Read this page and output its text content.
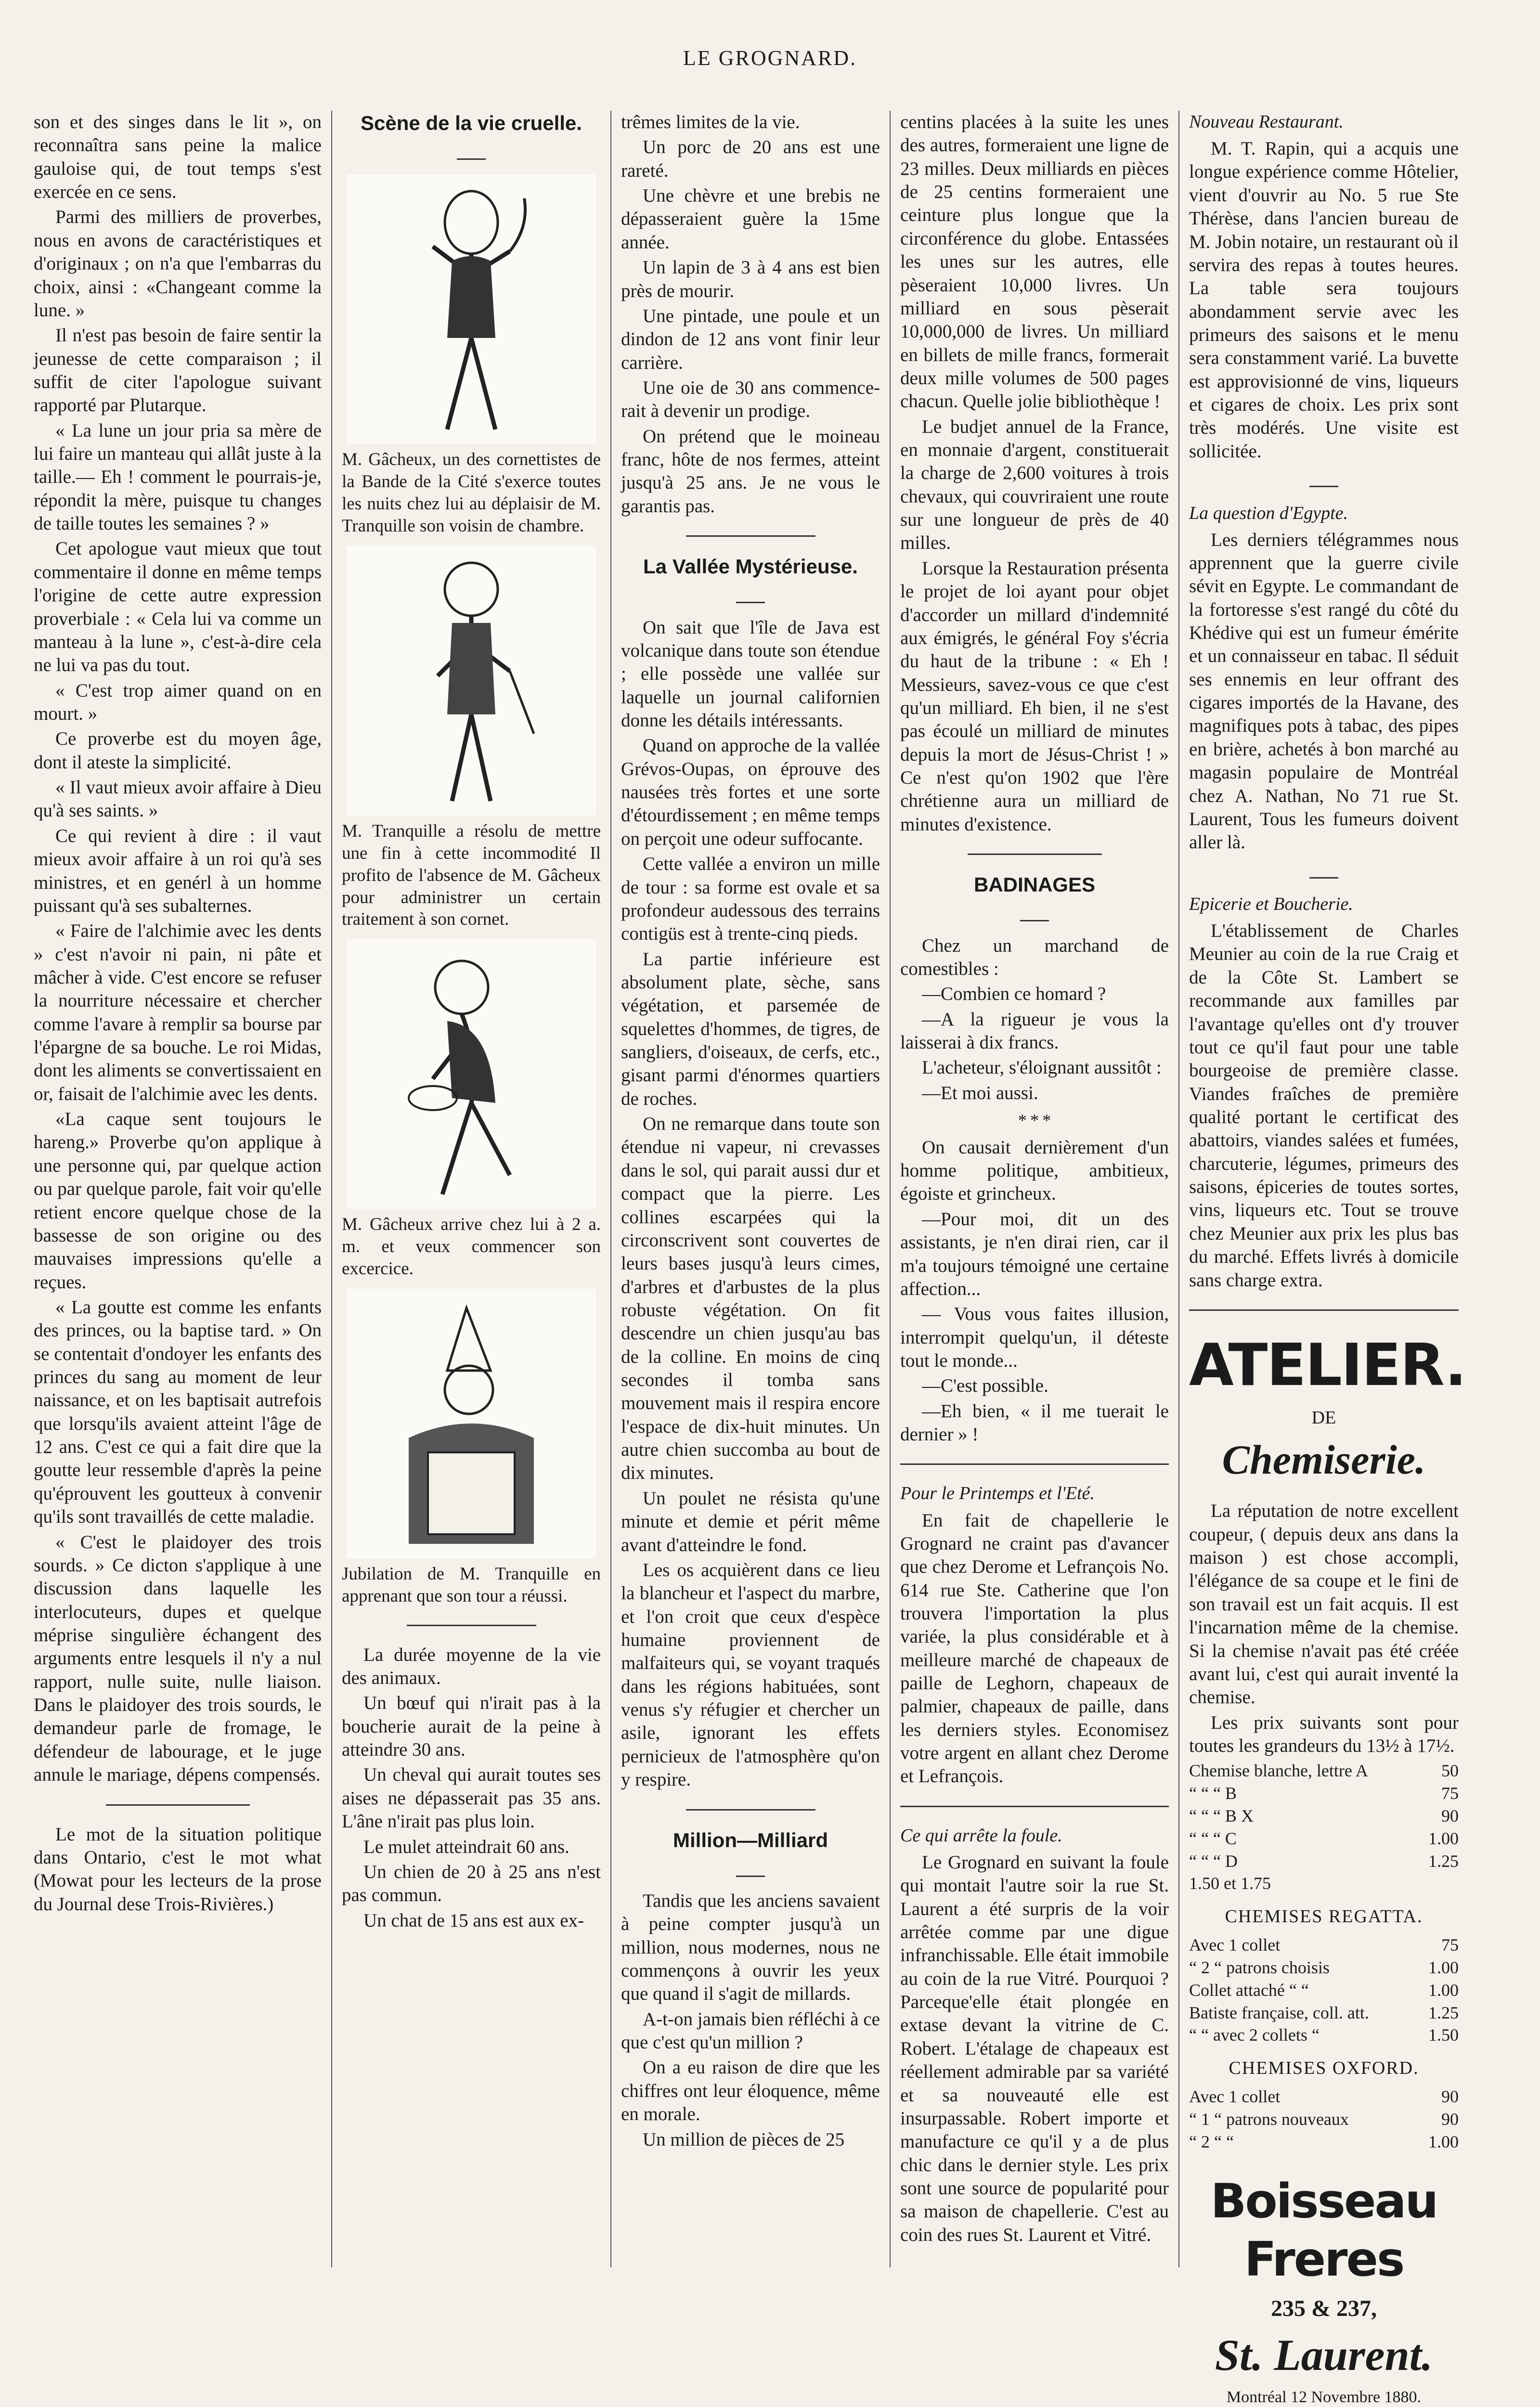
LE GROGNARD.

son et des singes dans le lit », on reconnaîtra sans peine la malice gauloise qui, de tout temps s'est exercée en ce sens.

Parmi des milliers de proverbes, nous en avons de caractéristiques et d'originaux ; on n'a que l'embarras du choix, ainsi : «Changeant comme la lune. »

Il n'est pas besoin de faire sentir la jeunesse de cette comparaison ; il suffit de citer l'apologue suivant rapporté par Plutarque.

« La lune un jour pria sa mère de lui faire un manteau qui allât juste à la taille.— Eh ! comment le pourrais-je, répondit la mère, puisque tu changes de taille toutes les semaines ? »

Cet apologue vaut mieux que tout commentaire il donne en même temps l'origine de cette autre expression proverbiale : « Cela lui va comme un manteau à la lune », c'est-à-dire cela ne lui va pas du tout.

« C'est trop aimer quand on en mourt. »

Ce proverbe est du moyen âge, dont il ateste la simplicité.

« Il vaut mieux avoir affaire à Dieu qu'à ses saints. »

Ce qui revient à dire : il vaut mieux avoir affaire à un roi qu'à ses ministres, et en genérl à un homme puissant qu'à ses subalternes.

« Faire de l'alchimie avec les dents » c'est n'avoir ni pain, ni pâte et mâcher à vide. C'est encore se refuser la nourriture nécessaire et chercher comme l'avare à remplir sa bourse par l'épargne de sa bouche. Le roi Midas, dont les aliments se convertissaient en or, faisait de l'alchimie avec les dents.

«La caque sent toujours le hareng.» Proverbe qu'on applique à une personne qui, par quelque action ou par quelque parole, fait voir qu'elle retient encore quelque chose de la bassesse de son origine ou des mauvaises impressions qu'elle a reçues.

« La goutte est comme les enfants des princes, ou la baptise tard. » On se contentait d'ondoyer les enfants des princes du sang au moment de leur naissance, et on les baptisait autrefois que lorsqu'ils avaient atteint l'âge de 12 ans. C'est ce qui a fait dire que la goutte leur ressemble d'après la peine qu'éprouvent les goutteux à convenir qu'ils sont travaillés de cette maladie.

« C'est le plaidoyer des trois sourds. » Ce dicton s'applique à une discussion dans laquelle les interlocuteurs, dupes et quelque méprise singulière échangent des arguments entre lesquels il n'y a nul rapport, nulle suite, nulle liaison. Dans le plaidoyer des trois sourds, le demandeur parle de fromage, le défendeur de labourage, et le juge annule le mariage, dépens compensés.

Le mot de la situation politique dans Ontario, c'est le mot what (Mowat pour les lecteurs de la prose du Journal dese Trois-Rivières.)

Scène de la vie cruelle.
M. Gâcheux, un des cornettistes de la Bande de la Cité s'exerce toutes les nuits chez lui au déplaisir de M. Tranquille son voisin de chambre.
M. Tranquille a résolu de mettre une fin à cette incommodité Il profito de l'absence de M. Gâcheux pour administrer un certain traitement à son cornet.
M. Gâcheux arrive chez lui à 2 a. m. et veux commencer son excercice.
Jubilation de M. Tranquille en apprenant que son tour a réussi.

La durée moyenne de la vie des animaux.

Un bœuf qui n'irait pas à la boucherie aurait de la peine à atteindre 30 ans.

Un cheval qui aurait toutes ses aises ne dépasserait pas 35 ans. L'âne n'irait pas plus loin.

Le mulet atteindrait 60 ans.

Un chien de 20 à 25 ans n'est pas commun.

Un chat de 15 ans est aux ex-

trêmes limites de la vie.

Un porc de 20 ans est une rareté.

Une chèvre et une brebis ne dépasseraient guère la 15me année.

Un lapin de 3 à 4 ans est bien près de mourir.

Une pintade, une poule et un dindon de 12 ans vont finir leur carrière.

Une oie de 30 ans commence-rait à devenir un prodige.

On prétend que le moineau franc, hôte de nos fermes, atteint jusqu'à 25 ans. Je ne vous le garantis pas.

La Vallée Mystérieuse.

On sait que l'île de Java est volcanique dans toute son étendue ; elle possède une vallée sur laquelle un journal californien donne les détails intéressants.

Quand on approche de la vallée Grévos-Oupas, on éprouve des nausées très fortes et une sorte d'étourdissement ; en même temps on perçoit une odeur suffocante.

Cette vallée a environ un mille de tour : sa forme est ovale et sa profondeur audessous des terrains contigüs est à trente-cinq pieds.

La partie inférieure est absolument plate, sèche, sans végétation, et parsemée de squelettes d'hommes, de tigres, de sangliers, d'oiseaux, de cerfs, etc., gisant parmi d'énormes quartiers de roches.

On ne remarque dans toute son étendue ni vapeur, ni crevasses dans le sol, qui parait aussi dur et compact que la pierre. Les collines escarpées qui la circonscrivent sont couvertes de leurs bases jusqu'à leurs cimes, d'arbres et d'arbustes de la plus robuste végétation. On fit descendre un chien jusqu'au bas de la colline. En moins de cinq secondes il tomba sans mouvement mais il respira encore l'espace de dix-huit minutes. Un autre chien succomba au bout de dix minutes.

Un poulet ne résista qu'une minute et demie et périt même avant d'atteindre le fond.

Les os acquièrent dans ce lieu la blancheur et l'aspect du marbre, et l'on croit que ceux d'espèce humaine proviennent de malfaiteurs qui, se voyant traqués dans les régions habituées, sont venus s'y réfugier et chercher un asile, ignorant les effets pernicieux de l'atmosphère qu'on y respire.

Million—Milliard

Tandis que les anciens savaient à peine compter jusqu'à un million, nous modernes, nous ne commençons à ouvrir les yeux que quand il s'agit de millards.

A-t-on jamais bien réfléchi à ce que c'est qu'un million ?

On a eu raison de dire que les chiffres ont leur éloquence, même en morale.

Un million de pièces de 25

centins placées à la suite les unes des autres, formeraient une ligne de 23 milles. Deux milliards en pièces de 25 centins formeraient une ceinture plus longue que la circonférence du globe. Entassées les unes sur les autres, elle pèseraient 10,000 livres. Un milliard en sous pèserait 10,000,000 de livres. Un milliard en billets de mille francs, formerait deux mille volumes de 500 pages chacun. Quelle jolie bibliothèque !

Le budjet annuel de la France, en monnaie d'argent, constituerait la charge de 2,600 voitures à trois chevaux, qui couvriraient une route sur une longueur de près de 40 milles.

Lorsque la Restauration présenta le projet de loi ayant pour objet d'accorder un millard d'indemnité aux émigrés, le général Foy s'écria du haut de la tribune : « Eh ! Messieurs, savez-vous ce que c'est qu'un milliard. Eh bien, il ne s'est pas écoulé un milliard de minutes depuis la mort de Jésus-Christ ! » Ce n'est qu'on 1902 que l'ère chrétienne aura un milliard de minutes d'existence.

BADINAGES

Chez un marchand de comestibles :

—Combien ce homard ?

—A la rigueur je vous la laisserai à dix francs.

L'acheteur, s'éloignant aussitôt :

—Et moi aussi.

* * *

On causait dernièrement d'un homme politique, ambitieux, égoiste et grincheux.

—Pour moi, dit un des assistants, je n'en dirai rien, car il m'a toujours témoigné une certaine affection...

— Vous vous faites illusion, interrompit quelqu'un, il déteste tout le monde...

—C'est possible.

—Eh bien, « il me tuerait le dernier » !

Pour le Printemps et l'Eté.

En fait de chapellerie le Grognard ne craint pas d'avancer que chez Derome et Lefrançois No. 614 rue Ste. Catherine que l'on trouvera l'importation la plus variée, la plus considérable et à meilleure marché de chapeaux de paille de Leghorn, chapeaux de palmier, chapeaux de paille, dans les derniers styles. Economisez votre argent en allant chez Derome et Lefrançois.

Ce qui arrête la foule.

Le Grognard en suivant la foule qui montait l'autre soir la rue St. Laurent a été surpris de la voir arrêtée comme par une digue infranchissable. Elle était immobile au coin de la rue Vitré. Pourquoi ? Parceque'elle était plongée en extase devant la vitrine de C. Robert. L'étalage de chapeaux est réellement admirable par sa variété et sa nouveauté elle est insurpassable. Robert importe et manufacture ce qu'il y a de plus chic dans le dernier style. Les prix sont une source de popularité pour sa maison de chapellerie. C'est au coin des rues St. Laurent et Vitré.

Nouveau Restaurant.

M. T. Rapin, qui a acquis une longue expérience comme Hôtelier, vient d'ouvrir au No. 5 rue Ste Thérèse, dans l'ancien bureau de M. Jobin notaire, un restaurant où il servira des repas à toutes heures. La table sera toujours abondamment servie avec les primeurs des saisons et le menu sera constamment varié. La buvette est approvisionné de vins, liqueurs et cigares de choix. Les prix sont très modérés. Une visite est sollicitée.

La question d'Egypte.

Les derniers télégrammes nous apprennent que la guerre civile sévit en Egypte. Le commandant de la fortoresse s'est rangé du côté du Khédive qui est un fumeur émérite et un connaisseur en tabac. Il séduit ses ennemis en leur offrant des cigares importés de la Havane, des magnifiques pots à tabac, des pipes en brière, achetés à bon marché au magasin populaire de Montréal chez A. Nathan, No 71 rue St. Laurent, Tous les fumeurs doivent aller là.

Epicerie et Boucherie.

L'établissement de Charles Meunier au coin de la rue Craig et de la Côte St. Lambert se recommande aux familles par l'avantage qu'elles ont d'y trouver tout ce qu'il faut pour une table bourgeoise de première classe. Viandes fraîches de première qualité portant le certificat des abattoirs, viandes salées et fumées, charcuterie, légumes, primeurs des saisons, épiceries de toutes sortes, vins, liqueurs etc. Tout se trouve chez Meunier aux prix les plus bas du marché. Effets livrés à domicile sans charge extra.

ATELIER.
DE
Chemiserie.

La réputation de notre excellent coupeur, ( depuis deux ans dans la maison ) est chose accompli, l'élégance de sa coupe et le fini de son travail est un fait acquis. Il est l'incarnation même de la chemise. Si la chemise n'avait pas été créée avant lui, c'est qui aurait inventé la chemise.

Les prix suivants sont pour toutes les grandeurs du 13½ à 17½.

Chemise blanche, lettre A	50
“ “ “ B	75
“ “ “ B X	90
“ “ “ C	1.00
“ “ “ D	1.25
1.50 et 1.75
CHEMISES REGATTA.
Avec 1 collet	75
“ 2 “ patrons choisis	1.00
Collet attaché “ “	1.00
Batiste française, coll. att.	1.25
“ “ avec 2 collets “	1.50
CHEMISES OXFORD.
Avec 1 collet	90
“ 1 “ patrons nouveaux	90
“ 2 “ “	1.00
Boisseau Freres
235 & 237,
St. Laurent.
Montréal 12 Novembre 1880.
